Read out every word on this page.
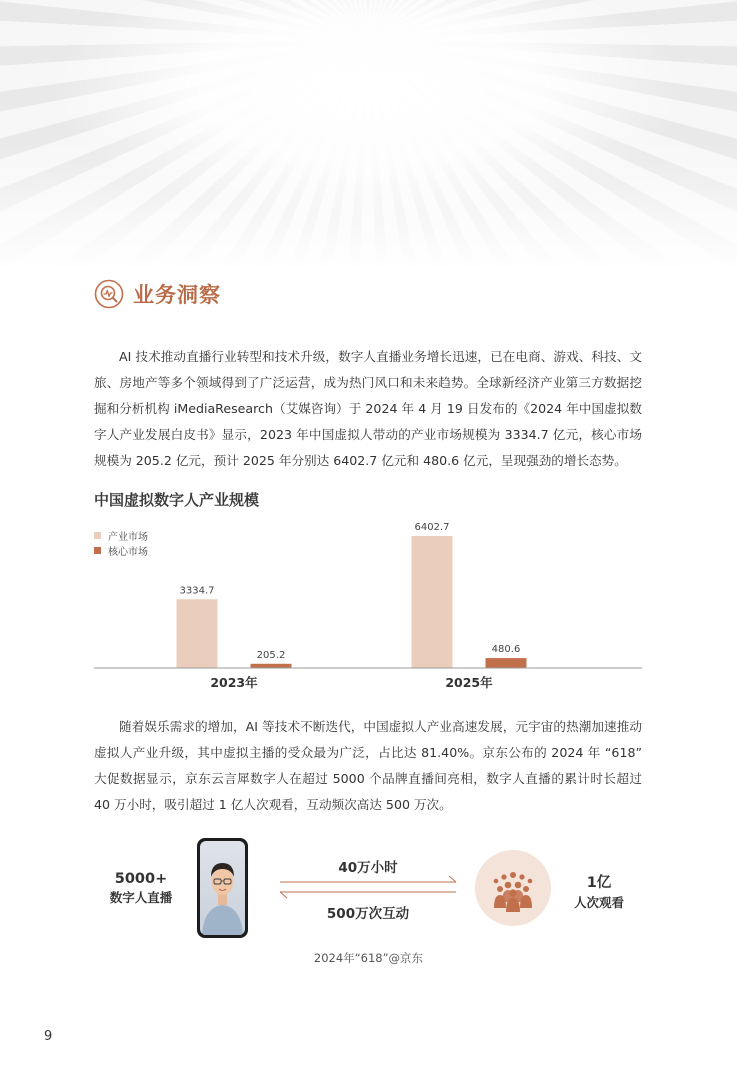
业务洞察

AI 技术推动直播行业转型和技术升级，数字人直播业务增长迅速，已在电商、游戏、科技、文旅、房地产等多个领域得到了广泛运营，成为热门风口和未来趋势。全球新经济产业第三方数据挖掘和分析机构 iMediaResearch（艾媒咨询）于 2024 年 4 月 19 日发布的《2024 年中国虚拟数字人产业发展白皮书》显示，2023 年中国虚拟人带动的产业市场规模为 3334.7 亿元，核心市场规模为 205.2 亿元，预计 2025 年分别达 6402.7 亿元和 480.6 亿元，呈现强劲的增长态势。

中国虚拟数字人产业规模
产业市场
核心市场
3334.7
205.2
2023年
6402.7
480.6
2025年

随着娱乐需求的增加，AI 等技术不断迭代，中国虚拟人产业高速发展，元宇宙的热潮加速推动虚拟人产业升级，其中虚拟主播的受众最为广泛，占比达 81.40%。京东公布的 2024 年 “618” 大促数据显示，京东云言犀数字人在超过 5000 个品牌直播间亮相，数字人直播的累计时长超过 40 万小时，吸引超过 1 亿人次观看，互动频次高达 500 万次。

5000+
数字人直播
40万小时
500万次互动
1亿
人次观看
2024年“618”@京东
9
